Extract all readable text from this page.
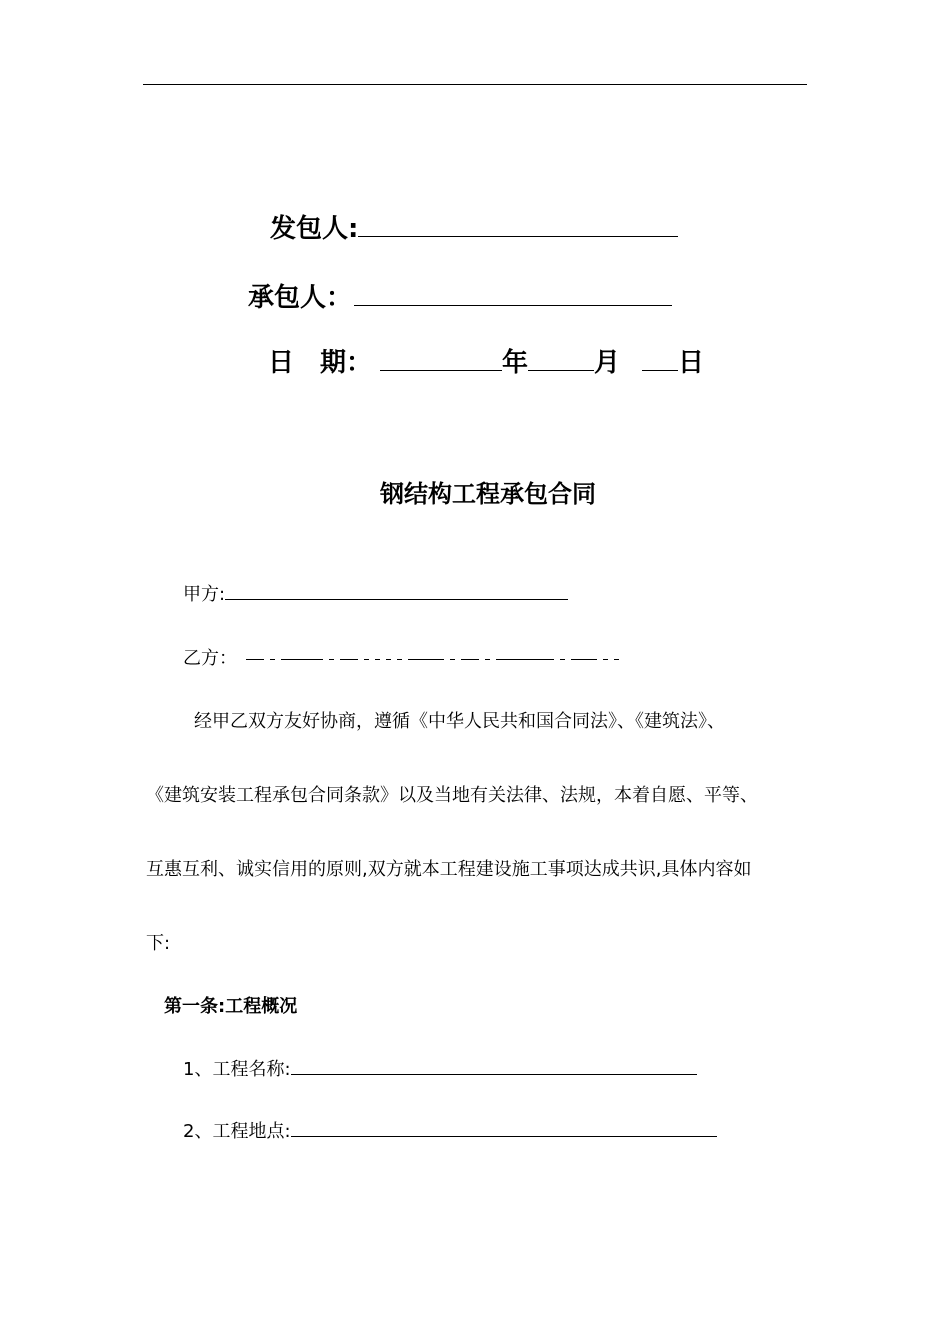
发包人:
承包人：
日　期：	年	月 日
钢结构工程承包合同
甲方:
乙方：
经甲乙双方友好协商，遵循《中华人民共和国合同法》、《建筑法》、
《建筑安装工程承包合同条款》以及当地有关法律、法规，本着自愿、平等、
互惠互利、诚实信用的原则,双方就本工程建设施工事项达成共识,具体内容如
下:
第一条:工程概况
1、工程名称:
2、工程地点:
